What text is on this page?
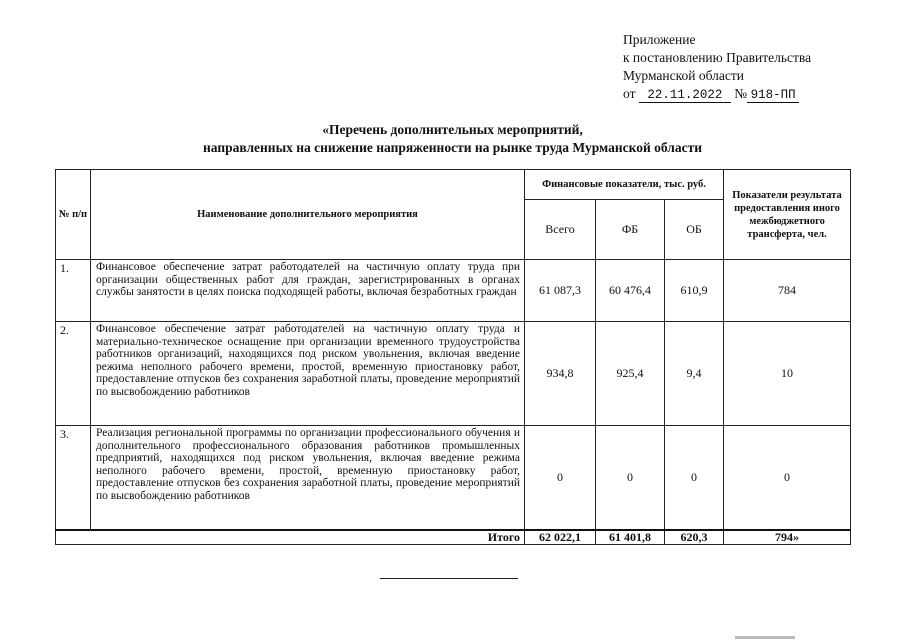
Приложение
к постановлению Правительства
Мурманской области
от 22.11.2022 № 918-ПП
«Перечень дополнительных мероприятий,
направленных на снижение напряженности на рынке труда Мурманской области
№ п/п	Наименование дополнительного мероприятия	Финансовые показатели, тыс. руб.			Показатели результата предоставления иного межбюджетного трансферта, чел.
		Всего	ФБ	ОБ	
1.	Финансовое обеспечение затрат работодателей на частичную оплату труда при организации общественных работ для граждан, зарегистрированных в органах службы занятости в целях поиска подходящей работы, включая безработных граждан	61 087,3	60 476,4	610,9	784
2.	Финансовое обеспечение затрат работодателей на частичную оплату труда и материально-техническое оснащение при организации временного трудоустройства работников организаций, находящихся под риском увольнения, включая введение режима неполного рабочего времени, простой, временную приостановку работ, предоставление отпусков без сохранения заработной платы, проведение мероприятий по высвобождению работников	934,8	925,4	9,4	10
3.	Реализация региональной программы по организации профессионального обучения и дополнительного профессионального образования работников промышленных предприятий, находящихся под риском увольнения, включая введение режима неполного рабочего времени, простой, временную приостановку работ, предоставление отпусков без сохранения заработной платы, проведение мероприятий по высвобождению работников	0	0	0	0
Итого		62 022,1	61 401,8	620,3	794»
